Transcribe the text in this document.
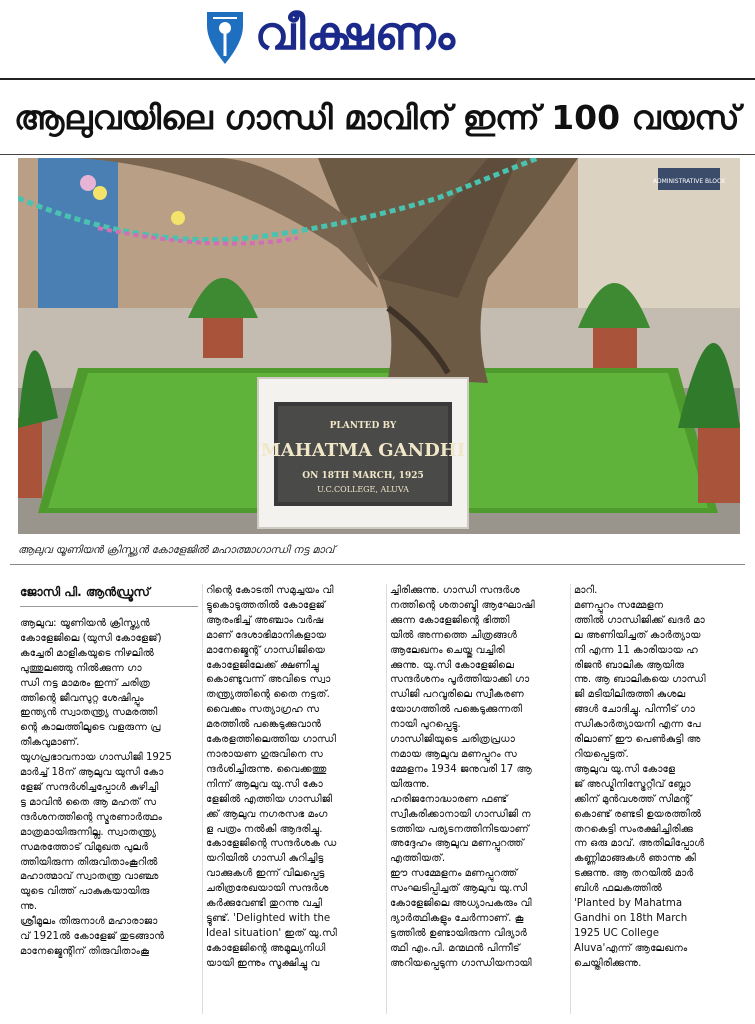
വീക്ഷണം
ആലുവയിലെ ഗാന്ധി മാവിന് ഇന്ന് 100 വയസ്
ADMINISTRATIVE BLOCK
PLANTED BY
MAHATMA GANDHI
ON 18TH MARCH, 1925
U.C.COLLEGE, ALUVA
ആലുവ യൂണിയൻ ക്രിസ്ത്യൻ കോളേജിൽ മഹാത്മാഗാന്ധി നട്ട മാവ്

ജോസി പി. ആൻഡ്രൂസ്

ആലുവ: യൂണിയൻ ക്രിസ്ത്യൻ
കോളേജിലെ (യുസി കോളേജ്)
കച്ചേരി മാളികയുടെ നിഴലിൽ
പുത്തുലഞ്ഞു നിൽക്കുന്ന ഗാ
ന്ധി നട്ട മാമരം ഇന്ന് ചരിത്ര
ത്തിന്റെ ജീവസുറ്റ ശേഷിപ്പും
ഇന്ത്യൻ സ്വാതന്ത്ര്യ സമരത്തി
ന്റെ കാലത്തിലൂടെ വളരുന്ന പ്ര
തീകവുമാണ്.
യുഗപ്രഭാവനായ ഗാന്ധിജി 1925
മാർച്ച് 18ന് ആലുവ യുസി കോ
ളേജ് സന്ദർശിച്ചപ്പോൾ കുഴിച്ചി
ട്ട മാവിൻ തൈ ആ മഹത് സ
ന്ദർശനത്തിന്റെ സ്മരണാർത്ഥം
മാത്രമായിരുന്നില്ല. സ്വാതന്ത്ര്യ
സമരത്തോട് വിമുഖത പുലർ
ത്തിയിരുന്ന തിരുവിതാംകൂറിൽ
മഹാത്മാവ് സ്വാതന്ത്ര വാഞ്ഛ
യുടെ വിത്ത് പാകുകയായിരു
ന്നു.
ശ്രീമൂലം തിരുനാൾ മഹാരാജാ
വ് 1921ൽ കോളേജ് തുടങ്ങാൻ
മാനേജ്മെന്റിന് തിരുവിതാംകൂ

റിന്റെ കോടതി സമുച്ചയം വി
ട്ടുകൊടുത്തതിൽ കോളേജ്
ആരംഭിച്ച് അഞ്ചാം വർഷ
മാണ് ദേശാഭിമാനികളായ
മാനേജ്മെന്റ് ഗാന്ധിജിയെ
കോളേജിലേക്ക് ക്ഷണിച്ചു
കൊണ്ടുവന്ന് അവിടെ സ്വാ
തന്ത്ര്യത്തിന്റെ തൈ നട്ടത്.
വൈക്കം സത്യാഗ്രഹ സ
മരത്തിൽ പങ്കെടുക്കുവാൻ
കേരളത്തിലെത്തിയ ഗാന്ധി
നാരായണ ഗുരുവിനെ സ
ന്ദർശിച്ചിരുന്നു. വൈക്കത്തു
നിന്ന് ആലുവ യു.സി കോ
ളേജിൽ എത്തിയ ഗാന്ധിജി
ക്ക് ആലുവ നഗരസഭ മംഗ
ള പത്രം നൽകി ആദരിച്ചു.
കോളേജിന്റെ സന്ദർശക ഡ
യറിയിൽ ഗാന്ധി കുറിച്ചിട്ട
വാക്കുകൾ ഇന്ന് വിലപ്പെട്ട
ചരിത്രരേഖയായി സന്ദർശ
കർക്കുവേണ്ടി തുറന്നു വച്ചി
ട്ടുണ്ട്. 'Delighted with the
Ideal situation' ഇത് യു.സി
കോളേജിന്റെ അമൂല്യനിധി
യായി ഇന്നും സൂക്ഷിച്ചു വ

ച്ചിരിക്കുന്നു. ഗാന്ധി സന്ദർശ
നത്തിന്റെ ശതാബ്ദി ആഘോഷി
ക്കുന്ന കോളേജിന്റെ ഭിത്തി
യിൽ അന്നത്തെ ചിത്രങ്ങൾ
ആലേഖനം ചെയ്തു വച്ചിരി
ക്കുന്നു. യു.സി കോളേജിലെ
സന്ദർശനം പൂർത്തിയാക്കി ഗാ
ന്ധിജി പറവൂരിലെ സ്വീകരണ
യോഗത്തിൽ പങ്കെടുക്കുന്നതി
നായി പുറപ്പെട്ടു.
ഗാന്ധിജിയുടെ ചരിത്രപ്രധാ
നമായ ആലുവ മണപ്പുറം സ
മ്മേളനം 1934 ജനുവരി 17 ആ
യിരുന്നു.
ഹരിജനോദ്ധാരണ ഫണ്ട്
സ്വീകരിക്കാനായി ഗാന്ധിജി ന
ടത്തിയ പര്യടനത്തിനിടയാണ്
അദ്ദേഹം ആലുവ മണപ്പുറത്ത്
എത്തിയത്.
ഈ സമ്മേളനം മണപ്പുറത്ത്
സംഘടിപ്പിച്ചത് ആലുവ യു.സി
കോളേജിലെ അധ്യാപകരും വി
ദ്യാർത്ഥികളും ചേർന്നാണ്. കൂ
ട്ടത്തിൽ ഉണ്ടായിരുന്ന വിദ്യാർ
ത്ഥി എം.പി. മന്മഥൻ പിന്നീട്
അറിയപ്പെടുന്ന ഗാന്ധിയനായി

മാറി.
മണപ്പുറം സമ്മേളന
ത്തിൽ ഗാന്ധിജിക്ക് ഖദർ മാ
ല അണിയിച്ചത് കാർത്യായ
നി എന്ന 11 കാരിയായ ഹ
രിജൻ ബാലിക ആയിരു
ന്നു. ആ ബാലികയെ ഗാന്ധി
ജി മടിയിലിരുത്തി കുശല
ങ്ങൾ ചോദിച്ചു. പിന്നീട് ഗാ
ന്ധികാർത്യായനി എന്ന പേ
രിലാണ് ഈ പെൺകുട്ടി അ
റിയപ്പെട്ടത്.
ആലുവ യു.സി കോളേ
ജ് അഡ്മിനിസ്ട്രേറ്റീവ് ബ്ലോ
ക്കിന് മുൻവശത്ത് സിമന്റ്
കൊണ്ട് രണ്ടടി ഉയരത്തിൽ
തറകെട്ടി സംരക്ഷിച്ചിരിക്കു
ന്ന ഒരു മാവ്. അതിലിപ്പോൾ
കണ്ണിമാങ്ങകൾ ഞാന്നു കി
ടക്കുന്നു. ആ തറയിൽ മാർ
ബിൾ ഫലകത്തിൽ
'Planted by Mahatma
Gandhi on 18th March
1925 UC College
Aluva'എന്ന് ആലേഖനം
ചെയ്തിരിക്കുന്നു.
